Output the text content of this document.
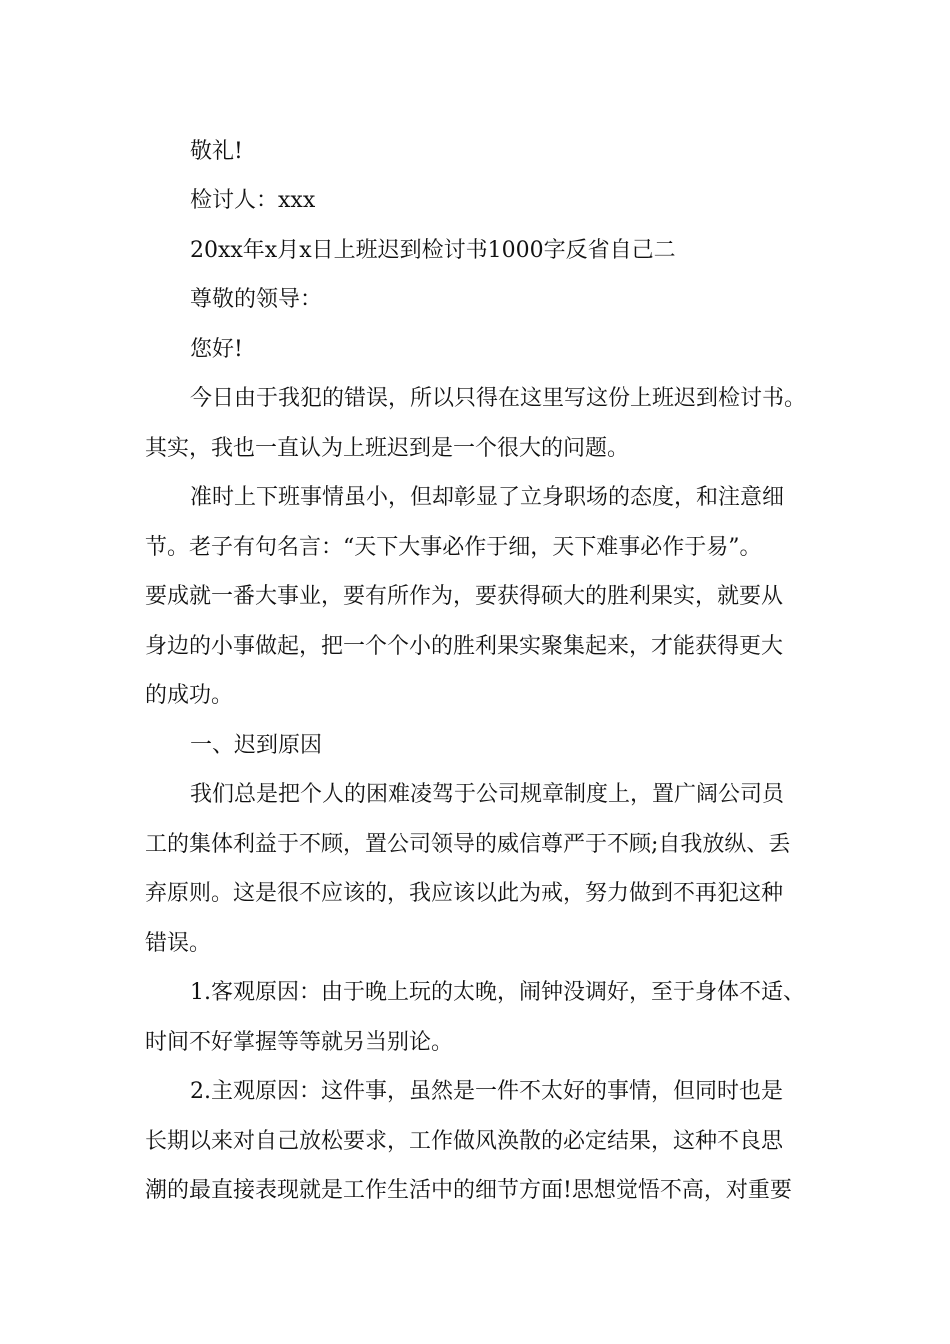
敬礼!
检讨人：xxx
20xx年x月x日上班迟到检讨书1000字反省自己二
尊敬的领导：
您好!
今日由于我犯的错误，所以只得在这里写这份上班迟到检讨书。
其实，我也一直认为上班迟到是一个很大的问题。
准时上下班事情虽小，但却彰显了立身职场的态度，和注意细
节。老子有句名言：“天下大事必作于细，天下难事必作于易”。
要成就一番大事业，要有所作为，要获得硕大的胜利果实，就要从
身边的小事做起，把一个个小的胜利果实聚集起来，才能获得更大
的成功。
一、迟到原因
我们总是把个人的困难凌驾于公司规章制度上，置广阔公司员
工的集体利益于不顾，置公司领导的威信尊严于不顾;自我放纵、丢
弃原则。这是很不应该的，我应该以此为戒，努力做到不再犯这种
错误。
1.客观原因：由于晚上玩的太晚，闹钟没调好，至于身体不适、
时间不好掌握等等就另当别论。
2.主观原因：这件事，虽然是一件不太好的事情，但同时也是
长期以来对自己放松要求，工作做风涣散的必定结果，这种不良思
潮的最直接表现就是工作生活中的细节方面!思想觉悟不高，对重要
